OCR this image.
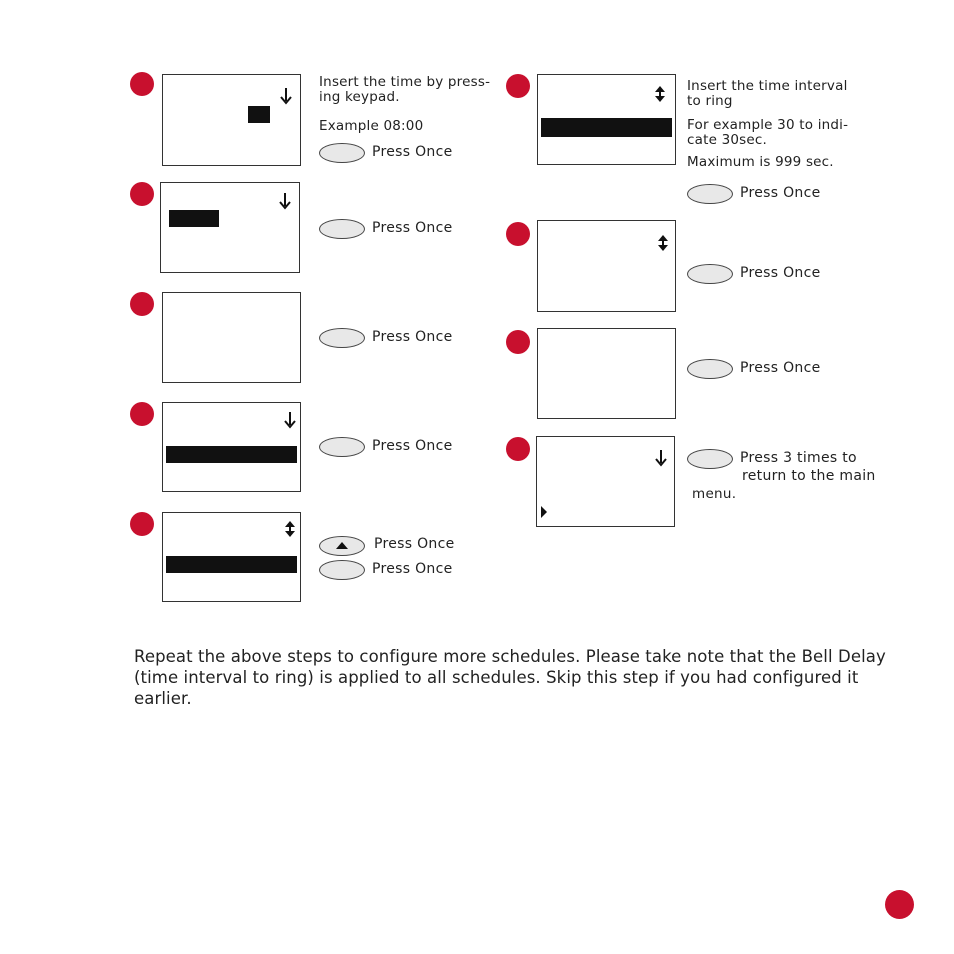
Insert the time by press-
ing keypad.
Example 08:00
Press Once
Press Once
Press Once
Press Once
Press Once
Press Once
Insert the time interval
to ring
For example 30 to indi-
cate 30sec.
Maximum is 999 sec.
Press Once
Press Once
Press Once
Press 3 times to
return to the main
menu.
Repeat the above steps to configure more schedules. Please take note that the Bell Delay (time interval to ring) is applied to all schedules. Skip this step if you had configured it earlier.
